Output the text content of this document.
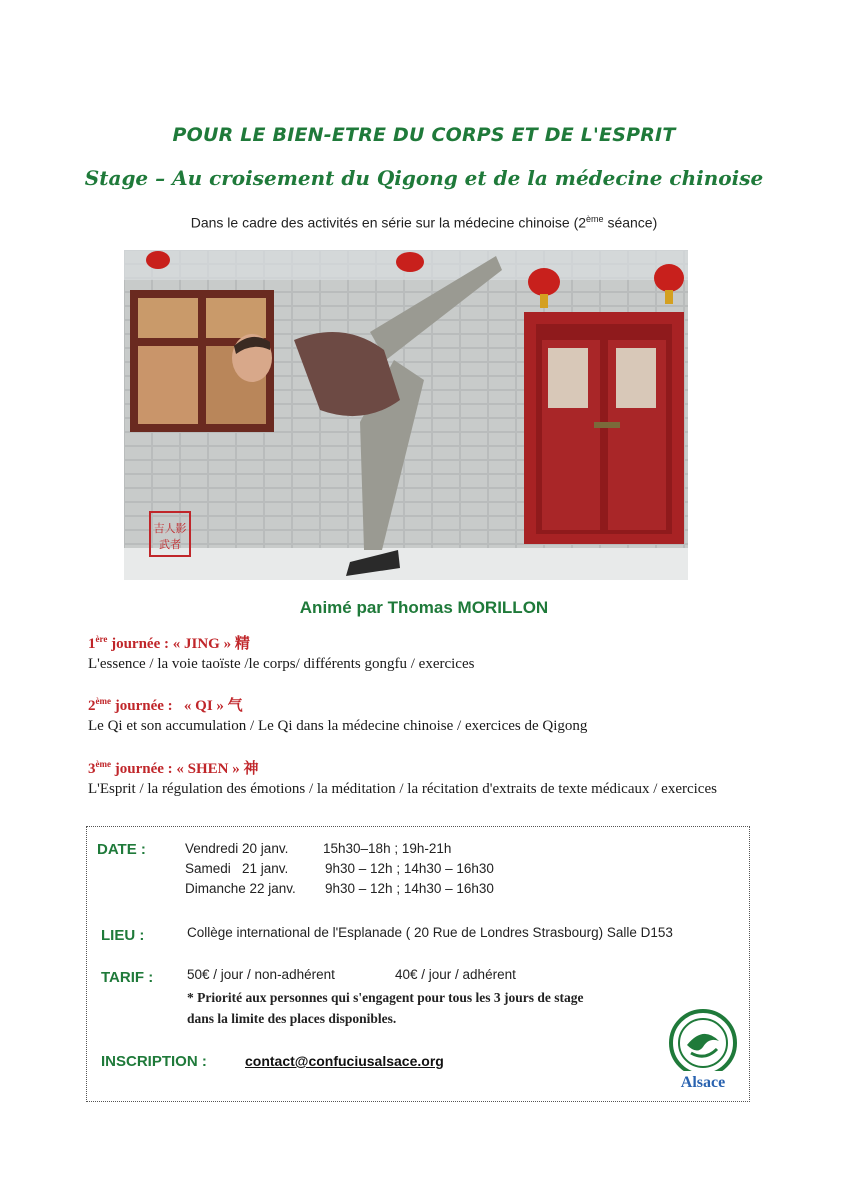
POUR LE BIEN-ETRE DU CORPS ET DE L'ESPRIT
Stage – Au croisement du Qigong et de la médecine chinoise
Dans le cadre des activités en série sur la médecine chinoise (2ème séance)
吉人影
武者
Animé par Thomas MORILLON
1ère journée : « JING » 精
L'essence / la voie taoïste /le corps/ différents gongfu / exercices
2ème journée :   « QI » 气
Le Qi et son accumulation / Le Qi dans la médecine chinoise / exercices de Qigong
3ème journée : « SHEN » 神
L'Esprit / la régulation des émotions / la méditation / la récitation d'extraits de texte médicaux / exercices
DATE :	Vendredi 20 janv.	15h30–18h ; 19h-21h
Samedi   21 janv.	9h30 – 12h ; 14h30 – 16h30
Dimanche 22 janv. 9h30 – 12h ; 14h30 – 16h30
LIEU :	Collège international de l'Esplanade ( 20 Rue de Londres Strasbourg) Salle D153
TARIF :	50€ / jour / non-adhérent	40€ / jour / adhérent
* Priorité aux personnes qui s'engagent pour tous les 3 jours de stage dans la limite des places disponibles.
INSCRIPTION :	contact@confuciusalsace.org
Alsace
